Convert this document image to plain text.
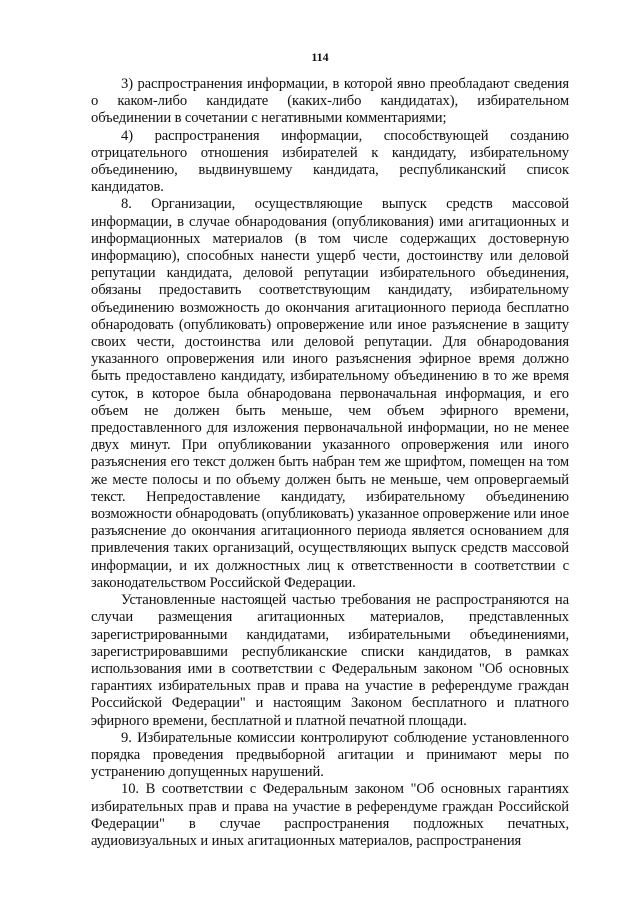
114

3) распространения информации, в которой явно преобладают сведения о каком-либо кандидате (каких-либо кандидатах), избирательном объединении в сочетании с негативными комментариями;

4) распространения информации, способствующей созданию отрицательного отношения избирателей к кандидату, избирательному объединению, выдвинувшему кандидата, республиканский список кандидатов.

8. Организации, осуществляющие выпуск средств массовой информации, в случае обнародования (опубликования) ими агитационных и информационных материалов (в том числе содержащих достоверную информацию), способных нанести ущерб чести, достоинству или деловой репутации кандидата, деловой репутации избирательного объединения, обязаны предоставить соответствующим кандидату, избирательному объединению возможность до окончания агитационного периода бесплатно обнародовать (опубликовать) опровержение или иное разъяснение в защиту своих чести, достоинства или деловой репутации. Для обнародования указанного опровержения или иного разъяснения эфирное время должно быть предоставлено кандидату, избирательному объединению в то же время суток, в которое была обнародована первоначальная информация, и его объем не должен быть меньше, чем объем эфирного времени, предоставленного для изложения первоначальной информации, но не менее двух минут. При опубликовании указанного опровержения или иного разъяснения его текст должен быть набран тем же шрифтом, помещен на том же месте полосы и по объему должен быть не меньше, чем опровергаемый текст. Непредоставление кандидату, избирательному объединению возможности обнародовать (опубликовать) указанное опровержение или иное разъяснение до окончания агитационного периода является основанием для привлечения таких организаций, осуществляющих выпуск средств массовой информации, и их должностных лиц к ответственности в соответствии с законодательством Российской Федерации.

Установленные настоящей частью требования не распространяются на случаи размещения агитационных материалов, представленных зарегистрированными кандидатами, избирательными объединениями, зарегистрировавшими республиканские списки кандидатов, в рамках использования ими в соответствии с Федеральным законом "Об основных гарантиях избирательных прав и права на участие в референдуме граждан Российской Федерации" и настоящим Законом бесплатного и платного эфирного времени, бесплатной и платной печатной площади.

9. Избирательные комиссии контролируют соблюдение установленного порядка проведения предвыборной агитации и принимают меры по устранению допущенных нарушений.

10. В соответствии с Федеральным законом "Об основных гарантиях избирательных прав и права на участие в референдуме граждан Российской Федерации" в случае распространения подложных печатных, аудиовизуальных и иных агитационных материалов, распространения
